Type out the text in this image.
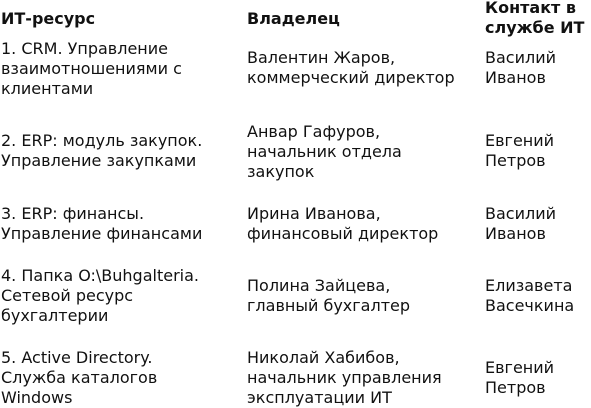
ИТ-ресурс	Владелец
Контакт в
службе ИТ
1. CRM. Управление
взаимотношениями с
клиентами
Валентин Жаров,
коммерческий директор
Василий
Иванов
2. ERP: модуль закупок.
Управление закупками
Анвар Гафуров,
начальник отдела
закупок
Евгений
Петров
3. ERP: финансы.
Управление финансами
Ирина Иванова,
финансовый директор
Василий
Иванов
4. Папка O:\Buhgalteria.
Сетевой ресурс
бухгалтерии
Полина Зайцева,
главный бухгалтер
Елизавета
Васечкина
5. Active Directory.
Служба каталогов
Windows
Николай Хабибов,
начальник управления
эксплуатации ИТ
Евгений
Петров
